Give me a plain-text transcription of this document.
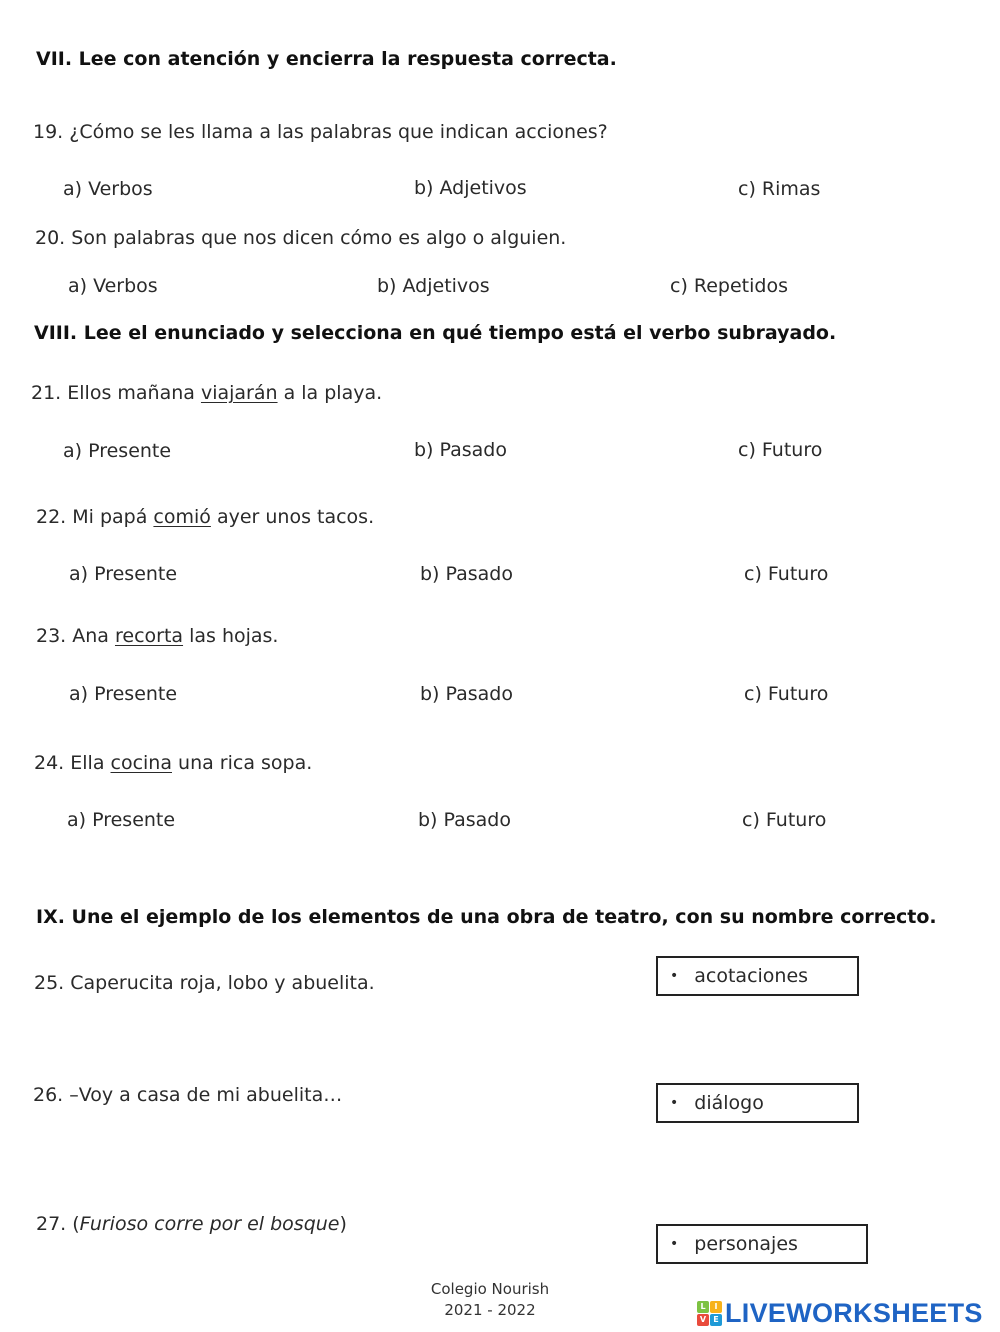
VII. Lee con atención y encierra la respuesta correcta.
19. ¿Cómo se les llama a las palabras que indican acciones?
a) Verbos	b) Adjetivos	c) Rimas
20. Son palabras que nos dicen cómo es algo o alguien.
a) Verbos	b) Adjetivos	c) Repetidos
VIII. Lee el enunciado y selecciona en qué tiempo está el verbo subrayado.
21. Ellos mañana viajarán a la playa.
a) Presente	b) Pasado	c) Futuro
22. Mi papá comió ayer unos tacos.
a) Presente	b) Pasado	c) Futuro
23. Ana recorta las hojas.
a) Presente	b) Pasado	c) Futuro
24. Ella cocina una rica sopa.
a) Presente	b) Pasado	c) Futuro
IX. Une el ejemplo de los elementos de una obra de teatro, con su nombre correcto.
25. Caperucita roja, lobo y abuelita.
26. –Voy a casa de mi abuelita…
27. (Furioso corre por el bosque)
• acotaciones
• diálogo
• personajes
Colegio Nourish
2021 - 2022	L	I
V E LIVEWORKSHEETS
